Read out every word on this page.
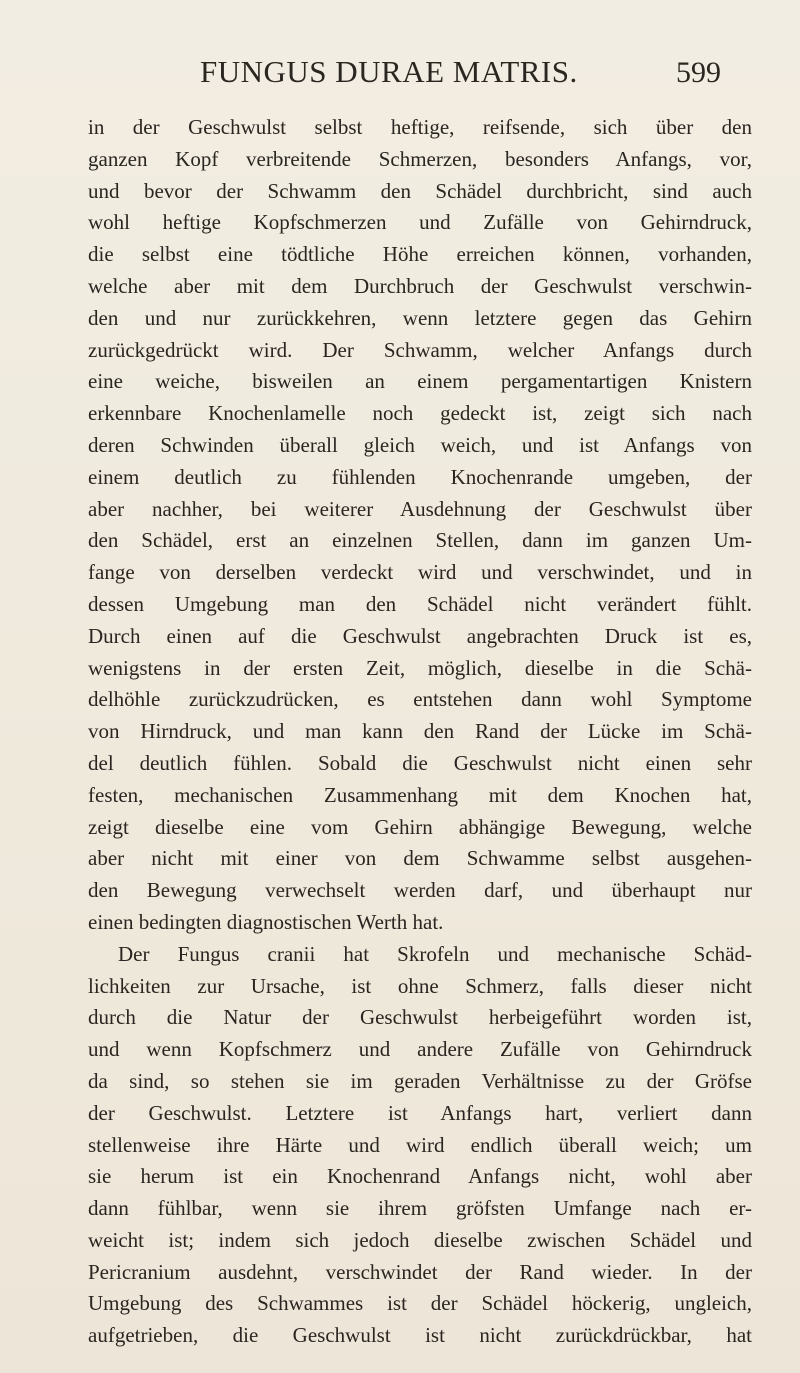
FUNGUS DURAE MATRIS.	599
in der Geschwulst selbst heftige, reifsende, sich über den
ganzen Kopf verbreitende Schmerzen, besonders Anfangs, vor,
und bevor der Schwamm den Schädel durchbricht, sind auch
wohl heftige Kopfschmerzen und Zufälle von Gehirndruck,
die selbst eine tödtliche Höhe erreichen können, vorhanden,
welche aber mit dem Durchbruch der Geschwulst verschwin-
den und nur zurückkehren, wenn letztere gegen das Gehirn
zurückgedrückt wird. Der Schwamm, welcher Anfangs durch
eine weiche, bisweilen an einem pergamentartigen Knistern
erkennbare Knochenlamelle noch gedeckt ist, zeigt sich nach
deren Schwinden überall gleich weich, und ist Anfangs von
einem deutlich zu fühlenden Knochenrande umgeben, der
aber nachher, bei weiterer Ausdehnung der Geschwulst über
den Schädel, erst an einzelnen Stellen, dann im ganzen Um-
fange von derselben verdeckt wird und verschwindet, und in
dessen Umgebung man den Schädel nicht verändert fühlt.
Durch einen auf die Geschwulst angebrachten Druck ist es,
wenigstens in der ersten Zeit, möglich, dieselbe in die Schä-
delhöhle zurückzudrücken, es entstehen dann wohl Symptome
von Hirndruck, und man kann den Rand der Lücke im Schä-
del deutlich fühlen. Sobald die Geschwulst nicht einen sehr
festen, mechanischen Zusammenhang mit dem Knochen hat,
zeigt dieselbe eine vom Gehirn abhängige Bewegung, welche
aber nicht mit einer von dem Schwamme selbst ausgehen-
den Bewegung verwechselt werden darf, und überhaupt nur
einen bedingten diagnostischen Werth hat.
Der Fungus cranii hat Skrofeln und mechanische Schäd-
lichkeiten zur Ursache, ist ohne Schmerz, falls dieser nicht
durch die Natur der Geschwulst herbeigeführt worden ist,
und wenn Kopfschmerz und andere Zufälle von Gehirndruck
da sind, so stehen sie im geraden Verhältnisse zu der Gröfse
der Geschwulst. Letztere ist Anfangs hart, verliert dann
stellenweise ihre Härte und wird endlich überall weich; um
sie herum ist ein Knochenrand Anfangs nicht, wohl aber
dann fühlbar, wenn sie ihrem gröfsten Umfange nach er-
weicht ist; indem sich jedoch dieselbe zwischen Schädel und
Pericranium ausdehnt, verschwindet der Rand wieder. In der
Umgebung des Schwammes ist der Schädel höckerig, ungleich,
aufgetrieben, die Geschwulst ist nicht zurückdrückbar, hat
